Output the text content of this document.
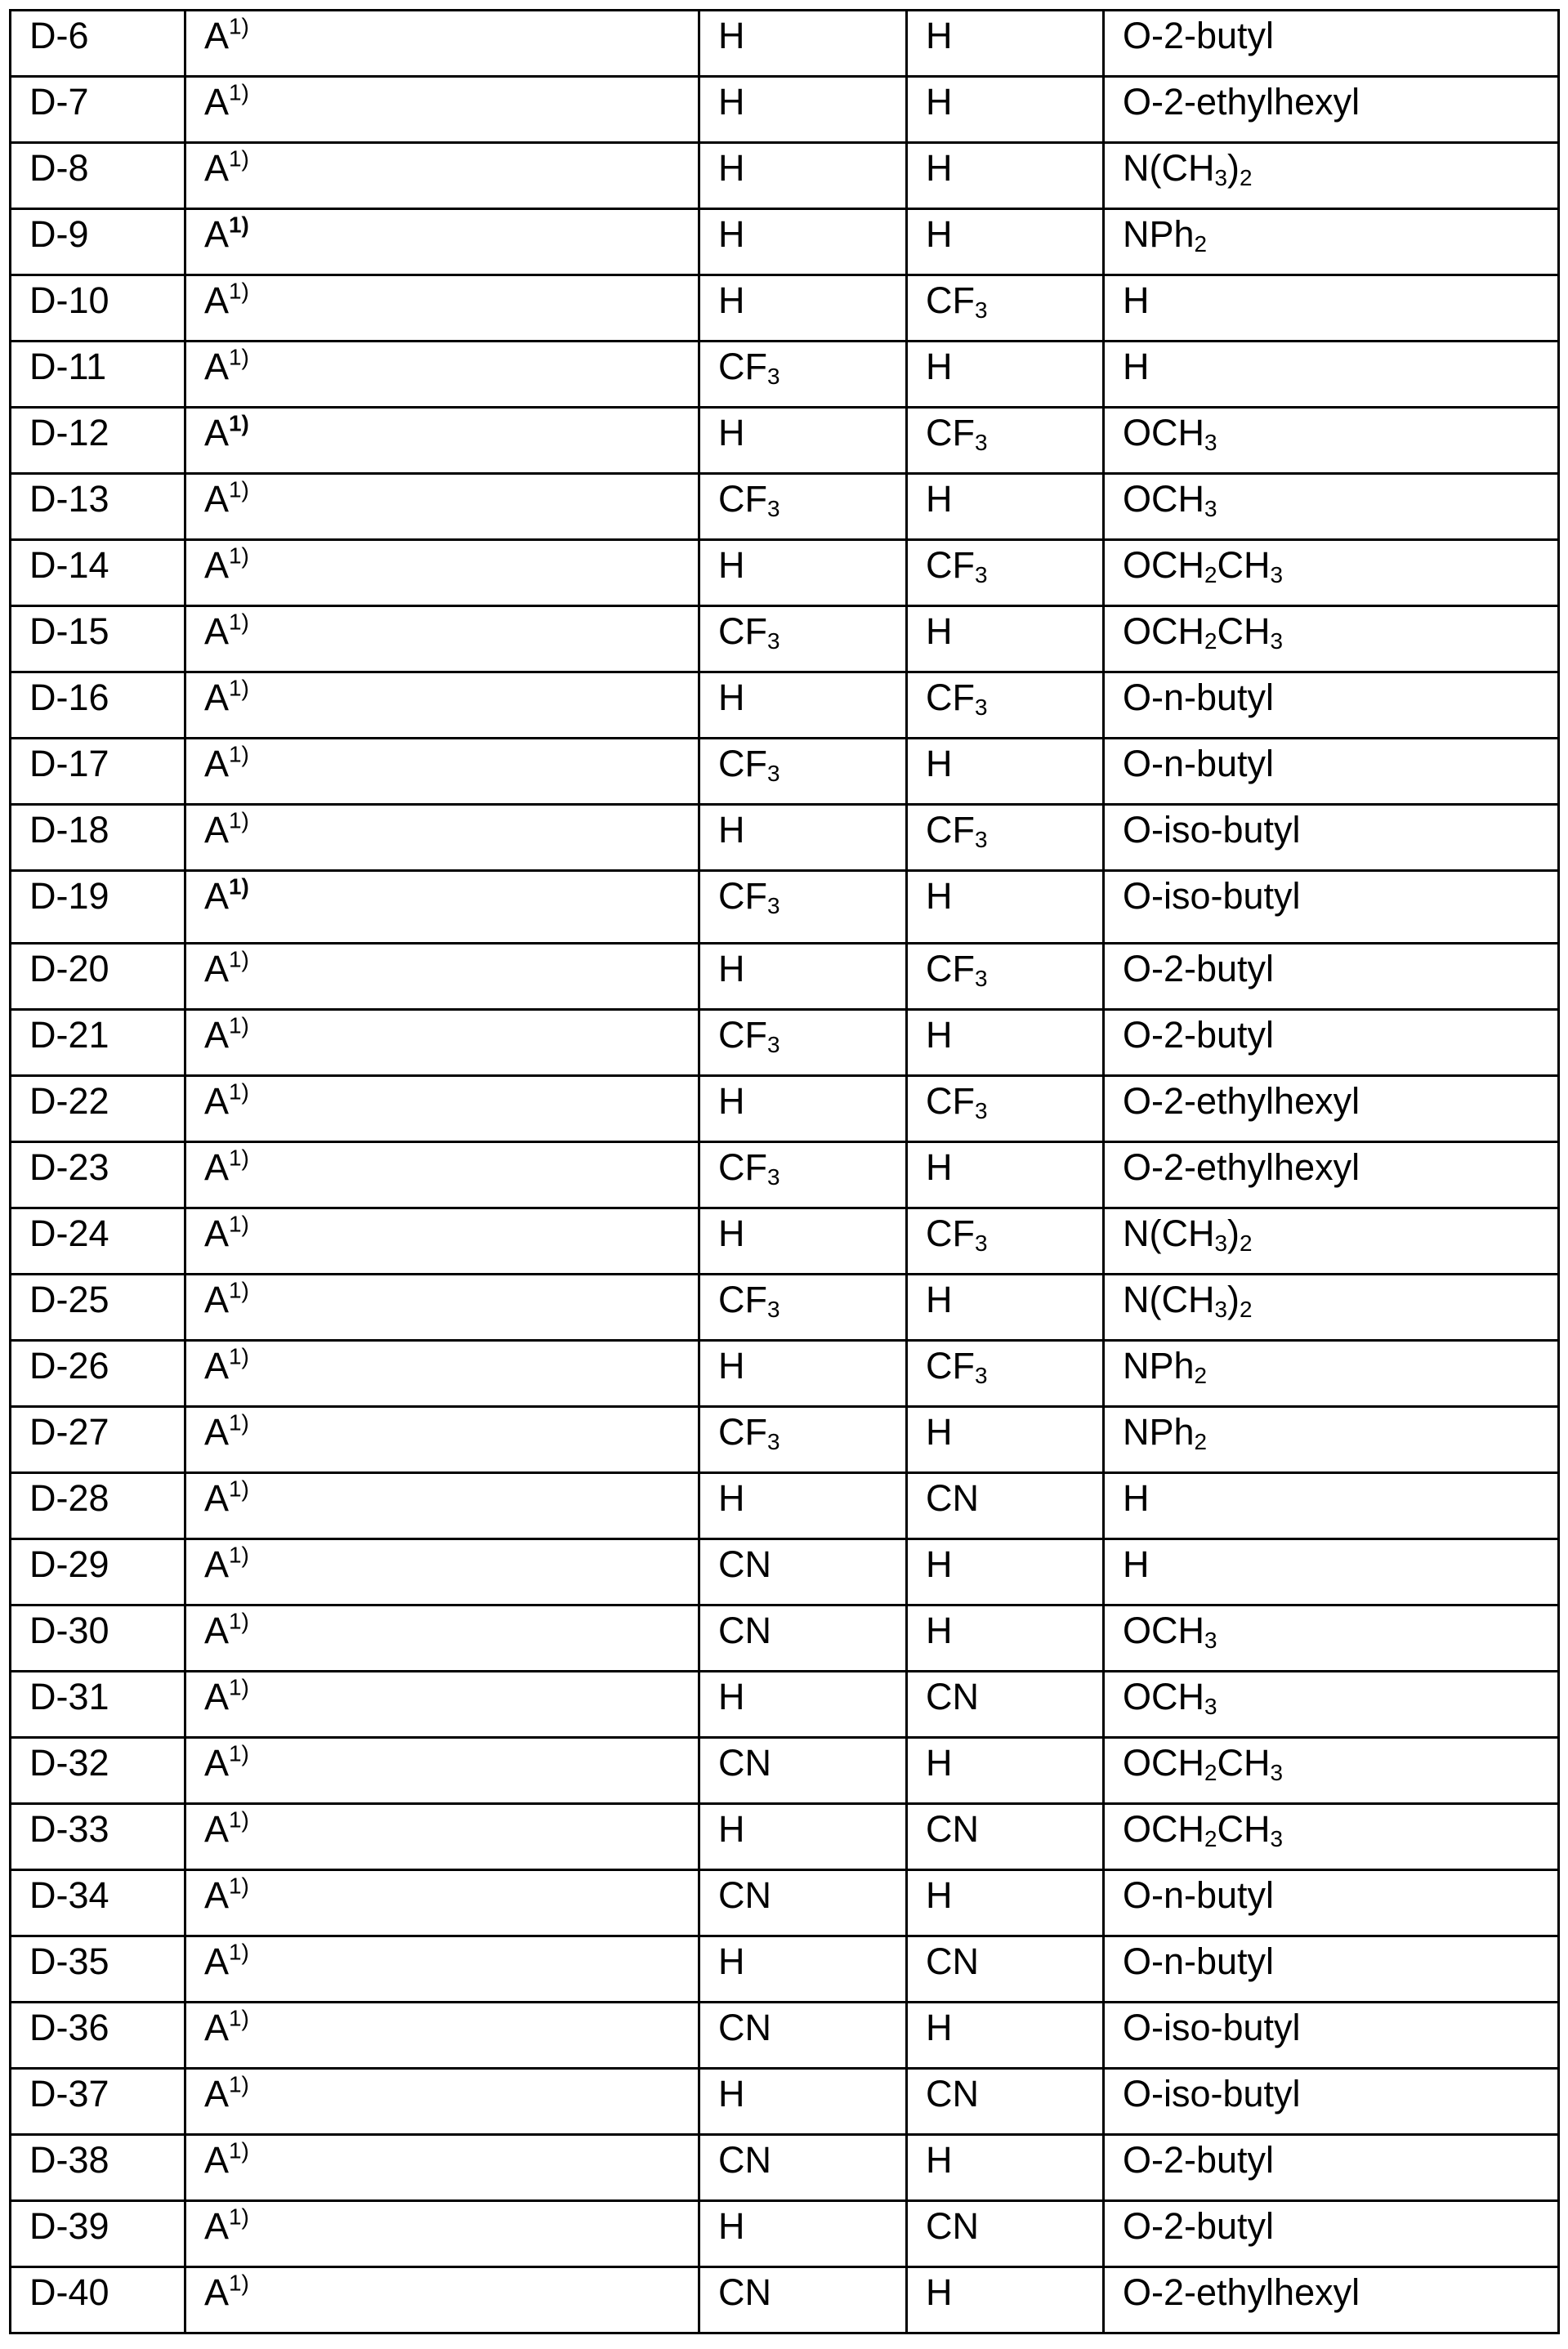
D-6	$A^{1)}$	H	H	O-2-butyl
D-7	$A^{1)}$	H	H	O-2-ethylhexyl
D-8	$A^{1)}$	H	H	$N(CH_3)_2$
D-9	$A^{1)}$	H	H	NPh$_2$
D-10	$A^{1)}$	H	$CF_3$	H
D-11	$A^{1)}$	$CF_3$	H	H
D-12	$A^{1)}$	H	$CF_3$	$OCH_3$
D-13	$A^{1)}$	$CF_3$	H	$OCH_3$
D-14	$A^{1)}$	H	$CF_3$	$OCH_2CH_3$
D-15	$A^{1)}$	$CF_3$	H	$OCH_2CH_3$
D-16	$A^{1)}$	H	$CF_3$	O-n-butyl
D-17	$A^{1)}$	$CF_3$	H	O-n-butyl
D-18	$A^{1)}$	H	$CF_3$	O-iso-butyl
D-19	$A^{1)}$	$CF_3$	H	O-iso-butyl
D-20	$A^{1)}$	H	$CF_3$	O-2-butyl
D-21	$A^{1)}$	$CF_3$	H	O-2-butyl
D-22	$A^{1)}$	H	$CF_3$	O-2-ethylhexyl
D-23	$A^{1)}$	$CF_3$	H	O-2-ethylhexyl
D-24	$A^{1)}$	H	$CF_3$	$N(CH_3)_2$
D-25	$A^{1)}$	$CF_3$	H	$N(CH_3)_2$
D-26	$A^{1)}$	H	$CF_3$	NPh$_2$
D-27	$A^{1)}$	$CF_3$	H	NPh$_2$
D-28	$A^{1)}$	H	CN	H
D-29	$A^{1)}$	CN	H	H
D-30	$A^{1)}$	CN	H	$OCH_3$
D-31	$A^{1)}$	H	CN	$OCH_3$
D-32	$A^{1)}$	CN	H	$OCH_2CH_3$
D-33	$A^{1)}$	H	CN	$OCH_2CH_3$
D-34	$A^{1)}$	CN	H	O-n-butyl
D-35	$A^{1)}$	H	CN	O-n-butyl
D-36	$A^{1)}$	CN	H	O-iso-butyl
D-37	$A^{1)}$	H	CN	O-iso-butyl
D-38	$A^{1)}$	CN	H	O-2-butyl
D-39	$A^{1)}$	H	CN	O-2-butyl
D-40	$A^{1)}$	CN	H	O-2-ethylhexyl
